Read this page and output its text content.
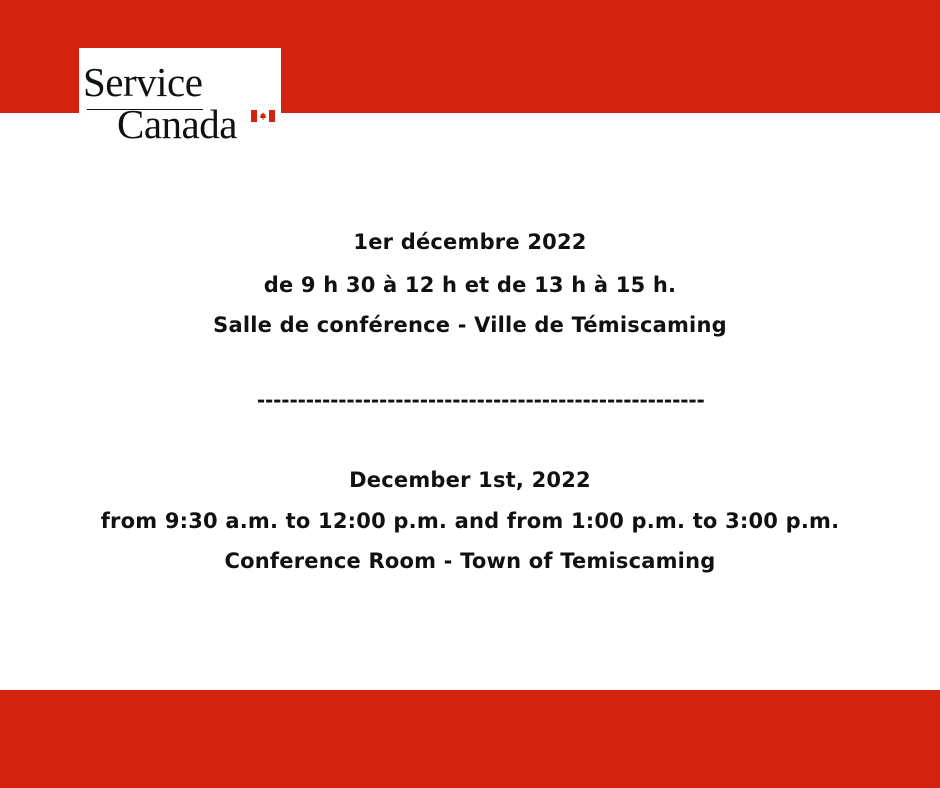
Service
Canada
1er décembre 2022
de 9 h 30 à 12 h et de 13 h à 15 h.
Salle de conférence - Ville de Témiscaming
-------------------------------------------------------
December 1st, 2022
from 9:30 a.m. to 12:00 p.m. and from 1:00 p.m. to 3:00 p.m.
Conference Room - Town of Temiscaming
